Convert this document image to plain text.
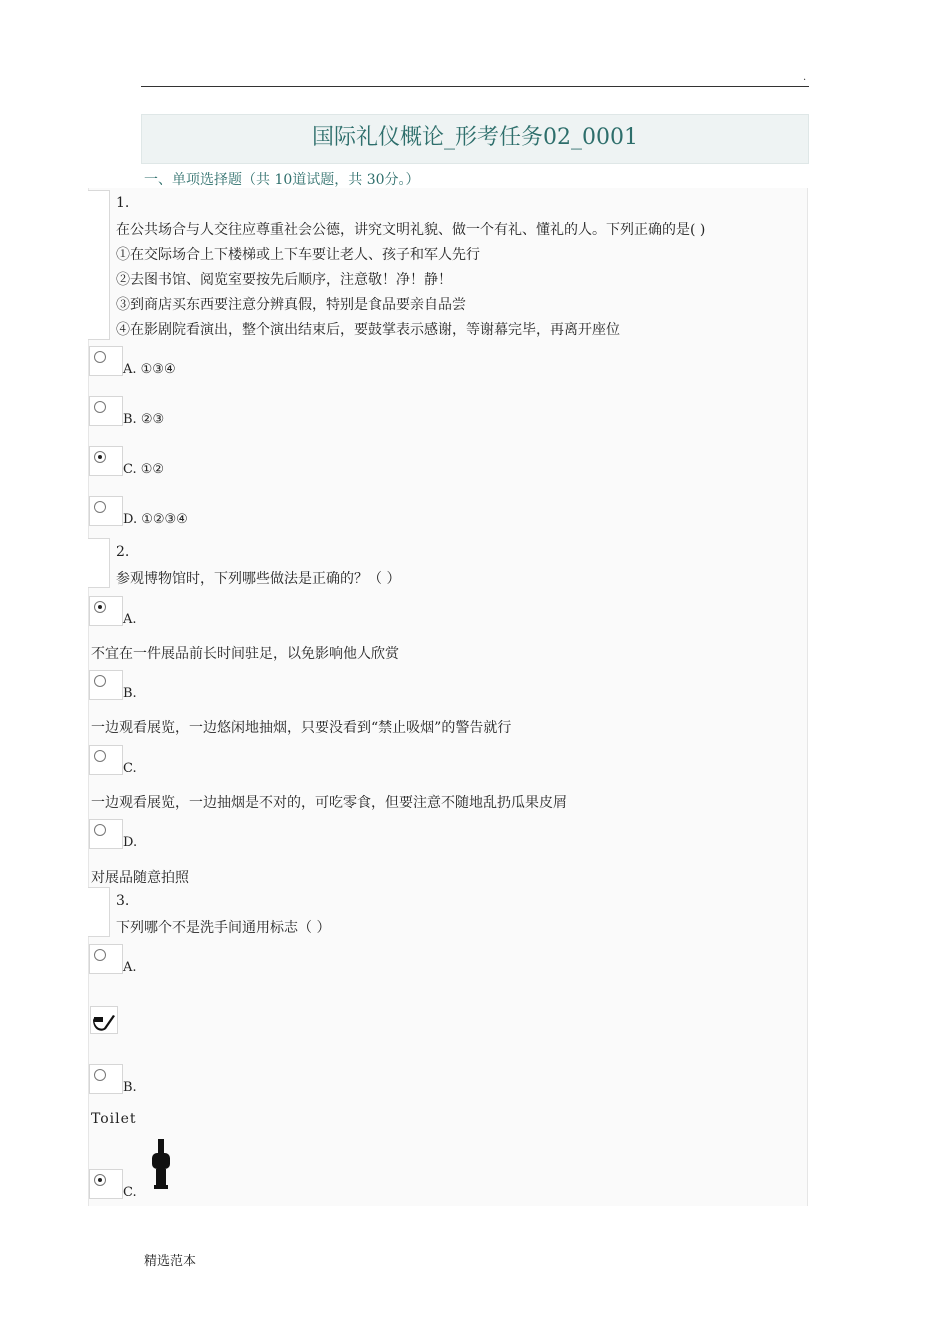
.
国际礼仪概论_形考任务02_0001
一、单项选择题（共 10道试题，共 30分。）
1.
在公共场合与人交往应尊重社会公德，讲究文明礼貌、做一个有礼、懂礼的人。下列正确的是( )
①在交际场合上下楼梯或上下车要让老人、孩子和军人先行
②去图书馆、阅览室要按先后顺序，注意敬！净！静！
③到商店买东西要注意分辨真假，特别是食品要亲自品尝
④在影剧院看演出，整个演出结束后，要鼓掌表示感谢，等谢幕完毕，再离开座位
A. ①③④
B. ②③
C. ①②
D. ①②③④
2.
参观博物馆时，下列哪些做法是正确的？（ ）
A.
不宜在一件展品前长时间驻足，以免影响他人欣赏
B.
一边观看展览，一边悠闲地抽烟，只要没看到“禁止吸烟”的警告就行
C.
一边观看展览，一边抽烟是不对的，可吃零食，但要注意不随地乱扔瓜果皮屑
D.
对展品随意拍照
3.
下列哪个不是洗手间通用标志（ ）
A.
B.
Toilet
C.
精选范本
